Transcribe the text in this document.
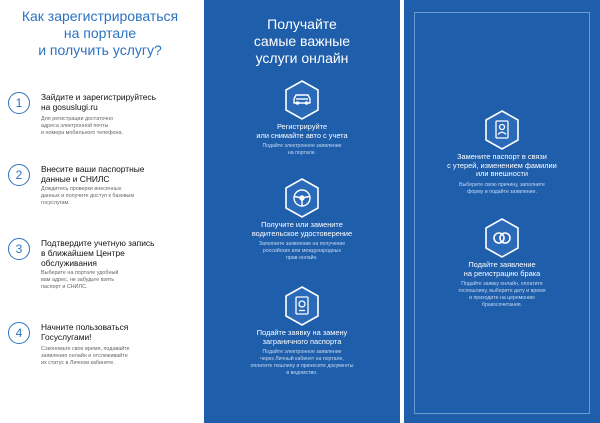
Как зарегистрироваться
на портале
и получить услугу?
1	Зайдите и зарегистрируйтесь
на gosuslugi.ru
Для регистрации достаточно
адреса электронной почты
и номера мобильного телефона.
2	Внесите ваши паспортные
данные и СНИЛС
Дождитесь проверки внесенных
данных и получите доступ к базовым
госуслугам.
3	Подтвердите учетную запись
в ближайшем Центре
обслуживания
Выберите на портале удобный
вам адрес, не забудьте взять
паспорт и СНИЛС.
4	Начните пользоваться
Госуслугами!
Сэкономьте свое время, подавайте
заявления онлайн и отслеживайте
их статус в Личном кабинете.
Получайте
самые важные
услуги онлайн
Регистрируйте
или снимайте авто с учета
Подайте электронное заявление
на портале.
Получите или замените
водительское удостоверение
Заполните заявление на получение
российских или международных
прав онлайн.
Подайте заявку на замену
заграничного паспорта
Подайте электронное заявление
через Личный кабинет на портале,
оплатите пошлину и принесите документы
в ведомство.
Замените паспорт в связи
с утерей, изменением фамилии
или внешности
Выберите свою причину, заполните
форму и подайте заявление.
Подайте заявление
на регистрацию брака
Подайте заявку онлайн, оплатите
госпошлину, выберите дату и время
и приходите на церемонию
бракосочетания.
